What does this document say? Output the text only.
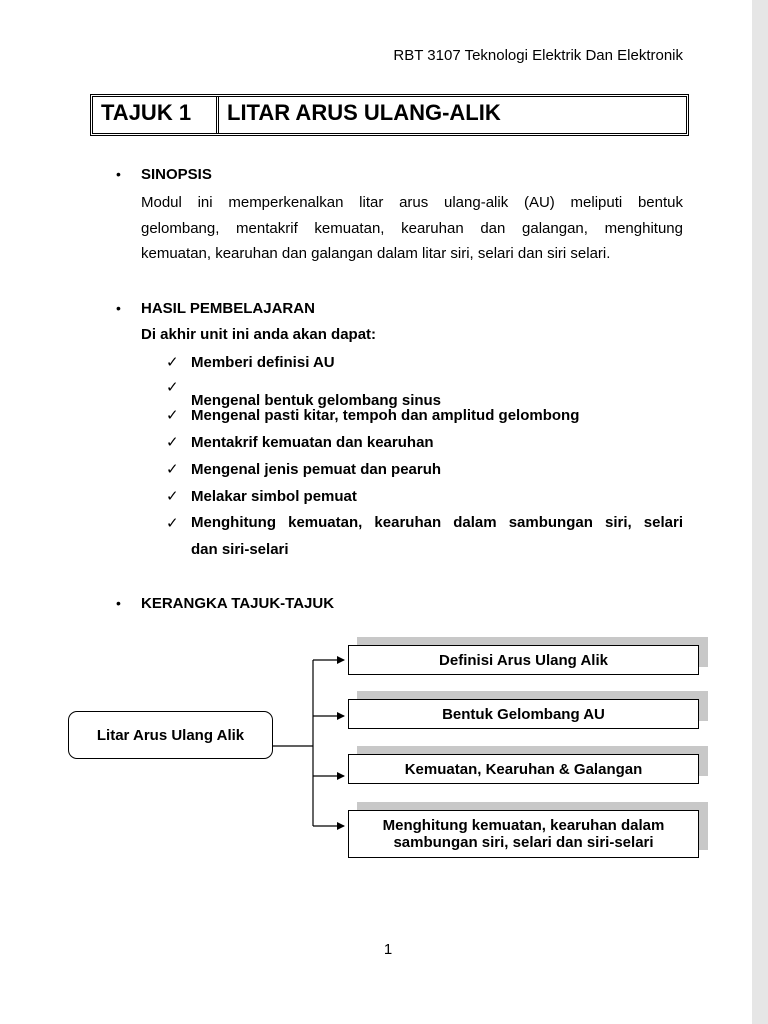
RBT 3107 Teknologi Elektrik Dan Elektronik
TAJUK 1	LITAR ARUS ULANG-ALIK
• SINOPSIS
Modul ini memperkenalkan litar arus ulang-alik (AU) meliputi bentuk
gelombang, mentakrif kemuatan, kearuhan dan galangan, menghitung
kemuatan, kearuhan dan galangan dalam litar siri, selari dan siri selari.
• HASIL PEMBELAJARAN
Di akhir unit ini anda akan dapat:
✓ Memberi definisi AU
✓
Mengenal bentuk gelombang sinus
✓ Mengenal pasti kitar, tempoh dan amplitud gelombong
✓ Mentakrif kemuatan dan kearuhan
✓ Mengenal jenis pemuat dan pearuh
✓ Melakar simbol pemuat
✓ Menghitung kemuatan, kearuhan dalam sambungan siri, selari
dan siri-selari
• KERANGKA TAJUK-TAJUK
Litar Arus Ulang Alik
Definisi Arus Ulang Alik
Bentuk Gelombang AU
Kemuatan, Kearuhan & Galangan
Menghitung kemuatan, kearuhan dalam
sambungan siri, selari dan siri-selari
1
